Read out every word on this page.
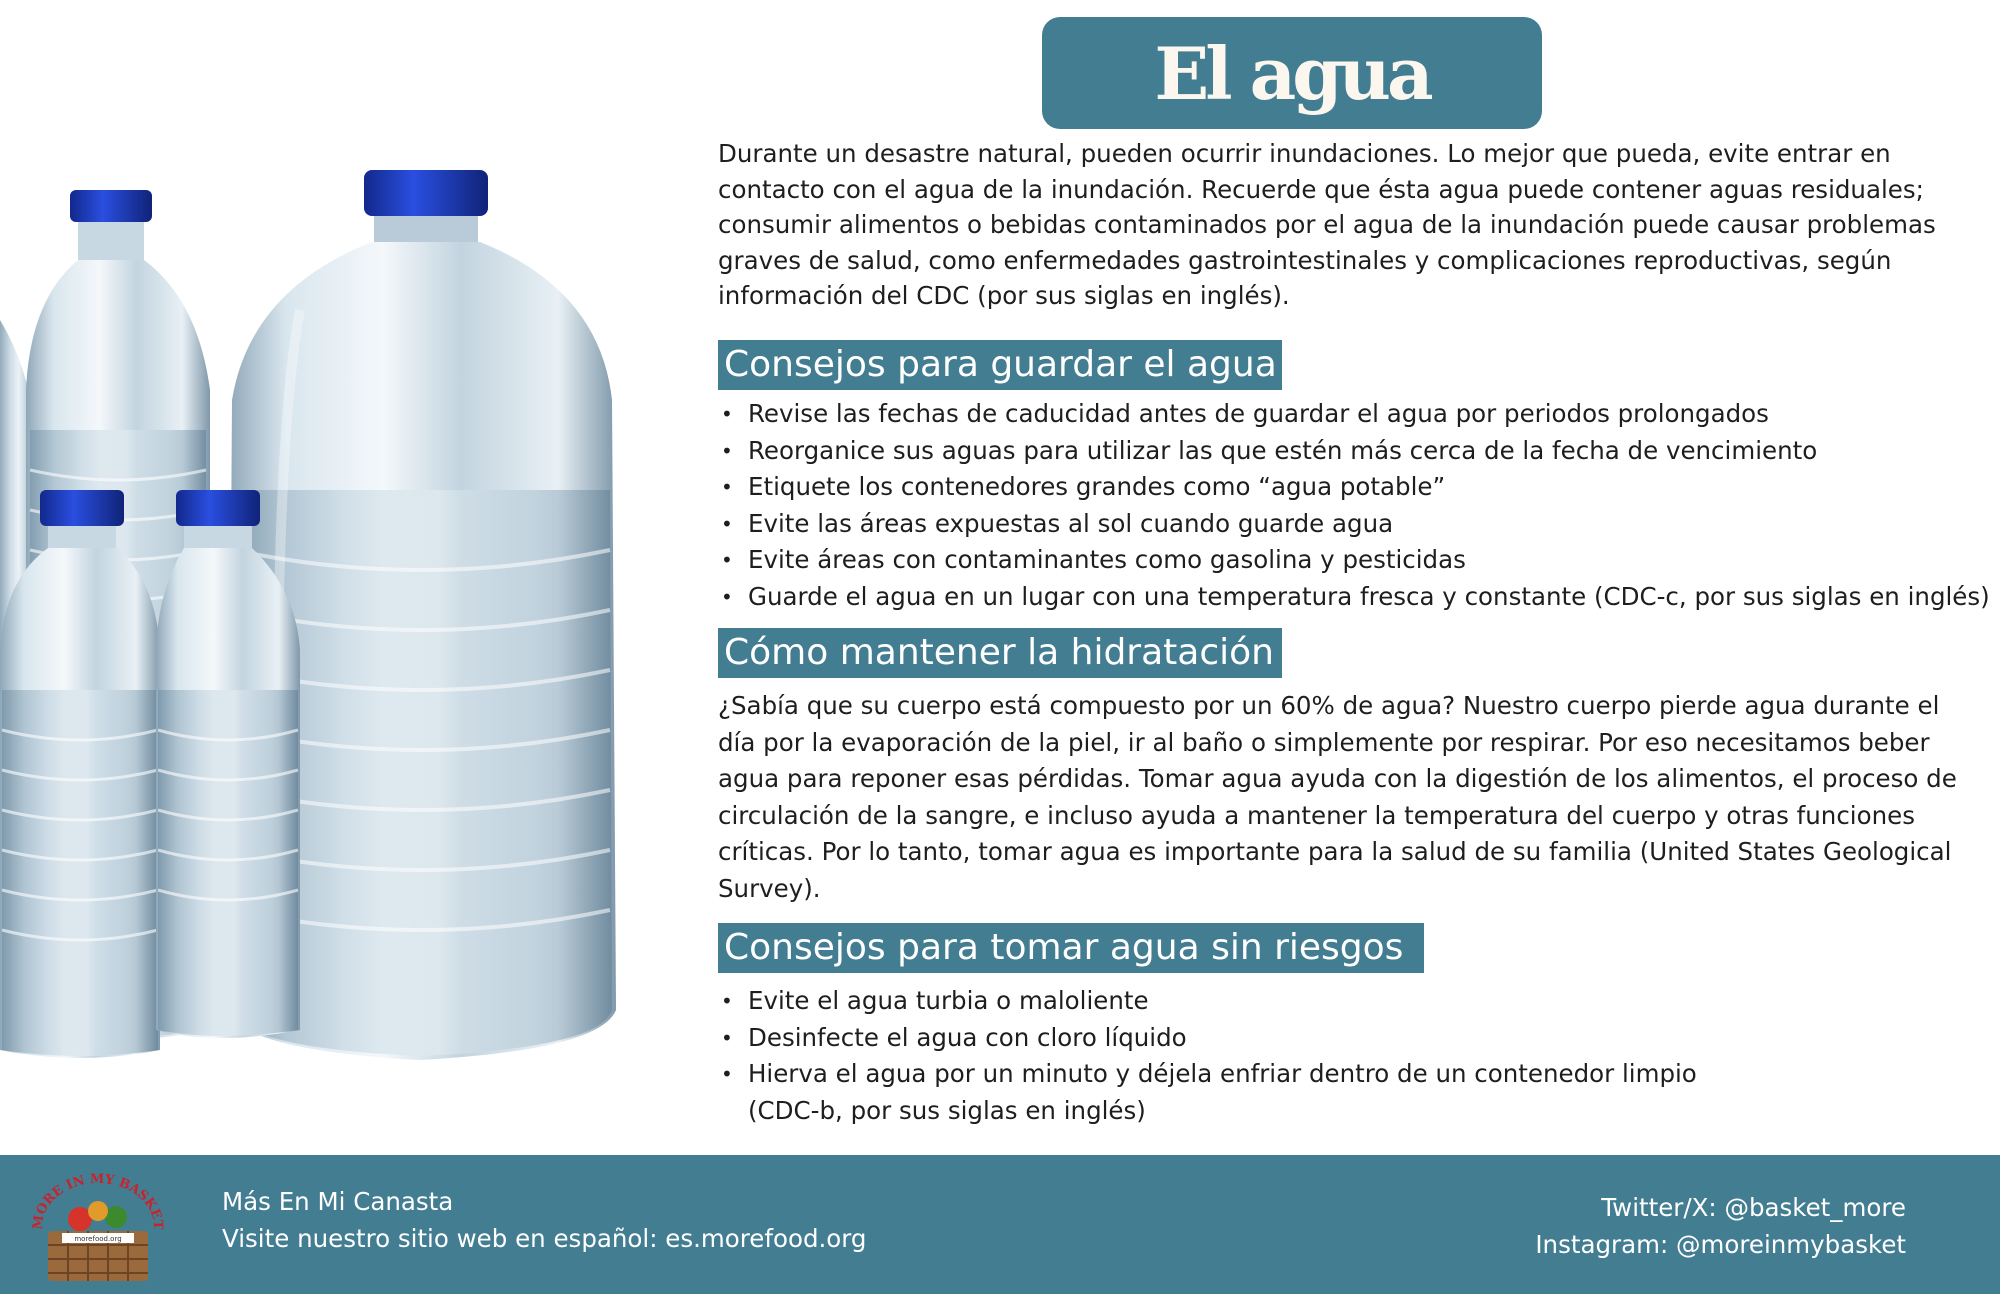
El agua

Durante un desastre natural, pueden ocurrir inundaciones. Lo mejor que pueda, evite entrar en contacto con el agua de la inundación. Recuerde que ésta agua puede contener aguas residuales; consumir alimentos o bebidas contaminados por el agua de la inundación puede causar problemas graves de salud, como enfermedades gastrointestinales y complicaciones reproductivas, según información del CDC (por sus siglas en inglés).

Consejos para guardar el agua
• Revise las fechas de caducidad antes de guardar el agua por periodos prolongados
• Reorganice sus aguas para utilizar las que estén más cerca de la fecha de vencimiento
• Etiquete los contenedores grandes como “agua potable”
• Evite las áreas expuestas al sol cuando guarde agua
• Evite áreas con contaminantes como gasolina y pesticidas
• Guarde el agua en un lugar con una temperatura fresca y constante (CDC-c, por sus siglas en inglés)
Cómo mantener la hidratación

¿Sabía que su cuerpo está compuesto por un 60% de agua? Nuestro cuerpo pierde agua durante el día por la evaporación de la piel, ir al baño o simplemente por respirar. Por eso necesitamos beber agua para reponer esas pérdidas. Tomar agua ayuda con la digestión de los alimentos, el proceso de circulación de la sangre, e incluso ayuda a mantener la temperatura del cuerpo y otras funciones críticas. Por lo tanto, tomar agua es importante para la salud de su familia (United States Geological Survey).

Consejos para tomar agua sin riesgos
• Evite el agua turbia o maloliente
• Desinfecte el agua con cloro líquido
• Hierva el agua por un minuto y déjela enfriar dentro de un contenedor limpio (CDC-b, por sus siglas en inglés)
MORE IN MY BASKET
morefood.org
Más En Mi Canasta
Visite nuestro sitio web en español: es.morefood.org
Twitter/X: @basket_more
Instagram: @moreinmybasket
